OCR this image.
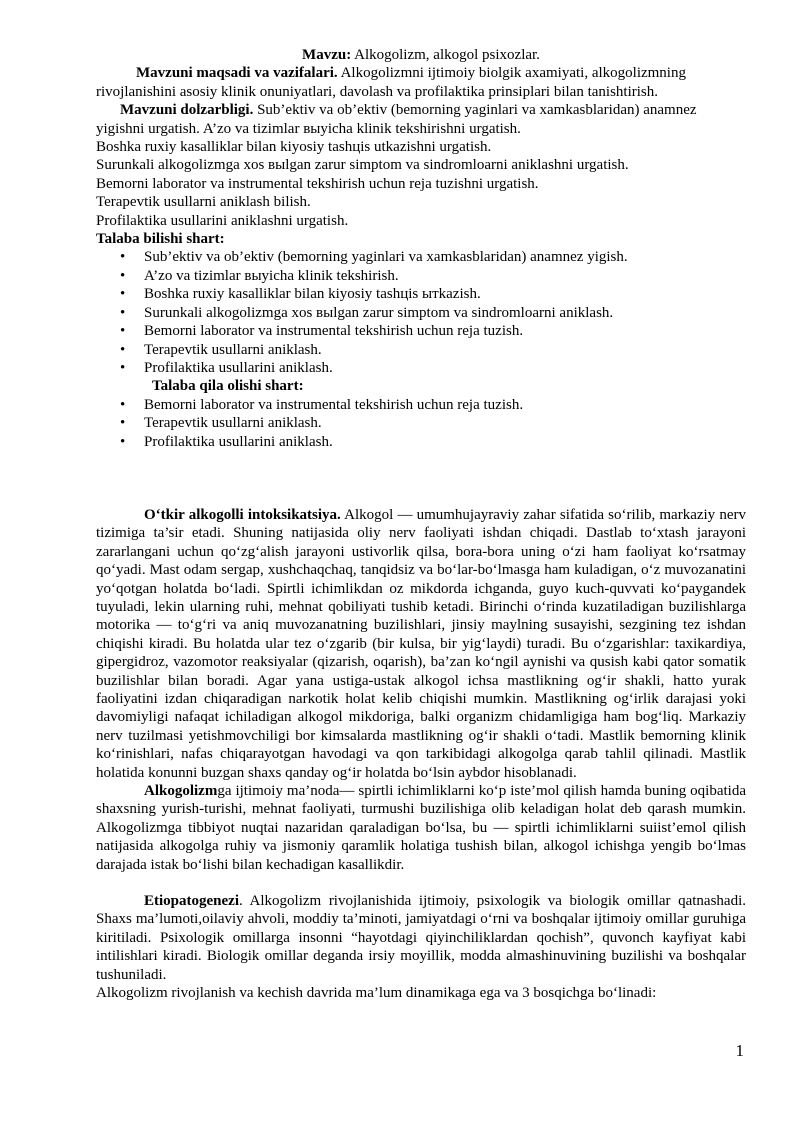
Mavzu: Alkogolizm, alkogol psixozlar.

Mavzuni maqsadi va vazifalari. Alkogolizmni ijtimoiy biolgik axamiyati, alkogolizmning rivojlanishini asosiy klinik onuniyatlari, davolash va profilaktika prinsiplari bilan tanishtirish.

Mavzuni dolzarbligi. Sub’ektiv va ob’ektiv (bemorning yaginlari va xamkasblaridan) anamnez yigishni urgatish. A’zo va tizimlar выyicha klinik tekshirishni urgatish.

Boshka ruxiy kasalliklar bilan kiyosiy tashцis utkazishni urgatish.

Surunkali alkogolizmga xos выlgan zarur simptom va sindromloarni aniklashni urgatish.

Bemorni laborator va instrumental tekshirish uchun reja tuzishni urgatish.

Terapevtik usullarni aniklash bilish.

Profilaktika usullarini aniklashni urgatish.

Talaba bilishi shart:

• Sub’ektiv va ob’ektiv (bemorning yaginlari va xamkasblaridan) anamnez yigish.
• A’zo va tizimlar выyicha klinik tekshirish.
• Boshka ruxiy kasalliklar bilan kiyosiy tashцis ытkazish.
• Surunkali alkogolizmga xos выlgan zarur simptom va sindromloarni aniklash.
• Bemorni laborator va instrumental tekshirish uchun reja tuzish.
• Terapevtik usullarni aniklash.
• Profilaktika usullarini aniklash.

Talaba qila olishi shart:

• Bemorni laborator va instrumental tekshirish uchun reja tuzish.
• Terapevtik usullarni aniklash.
• Profilaktika usullarini aniklash.

O‘tkir alkogolli intoksikatsiya. Alkogol — umumhujayraviy zahar sifatida so‘rilib, markaziy nerv tizimiga ta’sir etadi. Shuning natijasida oliy nerv faoliyati ishdan chiqadi. Dastlab to‘xtash jarayoni zararlangani uchun qo‘zg‘alish jarayoni ustivorlik qilsa, bora-bora uning o‘zi ham faoliyat ko‘rsatmay qo‘yadi. Mast odam sergap, xushchaqchaq, tanqidsiz va bo‘lar-bo‘lmasga ham kuladigan, o‘z muvozanatini yo‘qotgan holatda bo‘ladi. Spirtli ichimlikdan oz mikdorda ichganda, guyo kuch-quvvati ko‘paygandek tuyuladi, lekin ularning ruhi, mehnat qobiliyati tushib ketadi. Birinchi o‘rinda kuzatiladigan buzilishlarga motorika — to‘g‘ri va aniq muvozanatning buzilishlari, jinsiy maylning susayishi, sezgining tez ishdan chiqishi kiradi. Bu holatda ular tez o‘zgarib (bir kulsa, bir yig‘laydi) turadi. Bu o‘zgarishlar: taxikardiya, gipergidroz, vazomotor reaksiyalar (qizarish, oqarish), ba’zan ko‘ngil aynishi va qusish kabi qator somatik buzilishlar bilan boradi. Agar yana ustiga-ustak alkogol ichsa mastlikning og‘ir shakli, hatto yurak faoliyatini izdan chiqaradigan narkotik holat kelib chiqishi mumkin. Mastlikning og‘irlik darajasi yoki davomiyligi nafaqat ichiladigan alkogol mikdoriga, balki organizm chidamligiga ham bog‘liq. Markaziy nerv tuzilmasi yetishmovchiligi bor kimsalarda mastlikning og‘ir shakli o‘tadi. Mastlik bemorning klinik ko‘rinishlari, nafas chiqarayotgan havodagi va qon tarkibidagi alkogolga qarab tahlil qilinadi. Mastlik holatida konunni buzgan shaxs qanday og‘ir holatda bo‘lsin aybdor hisoblanadi.

Alkogolizmga ijtimoiy ma’noda— spirtli ichimliklarni ko‘p iste’mol qilish hamda buning oqibatida shaxsning yurish-turishi, mehnat faoliyati, turmushi buzilishiga olib keladigan holat deb qarash mumkin. Alkogolizmga tibbiyot nuqtai nazaridan qaraladigan bo‘lsa, bu — spirtli ichimliklarni suiist’emol qilish natijasida alkogolga ruhiy va jismoniy qaramlik holatiga tushish bilan, alkogol ichishga yengib bo‘lmas darajada istak bo‘lishi bilan kechadigan kasallikdir.

Etiopatogenezi. Alkogolizm rivojlanishida ijtimoiy, psixologik va biologik omillar qatnashadi. Shaxs ma’lumoti,oilaviy ahvoli, moddiy ta’minoti, jamiyatdagi o‘rni va boshqalar ijtimoiy omillar guruhiga kiritiladi. Psixologik omillarga insonni “hayotdagi qiyinchiliklardan qochish”, quvonch kayfiyat kabi intilishlari kiradi. Biologik omillar deganda irsiy moyillik, modda almashinuvining buzilishi va boshqalar tushuniladi.

Alkogolizm rivojlanish va kechish davrida ma’lum dinamikaga ega va 3 bosqichga bo‘linadi:

1
